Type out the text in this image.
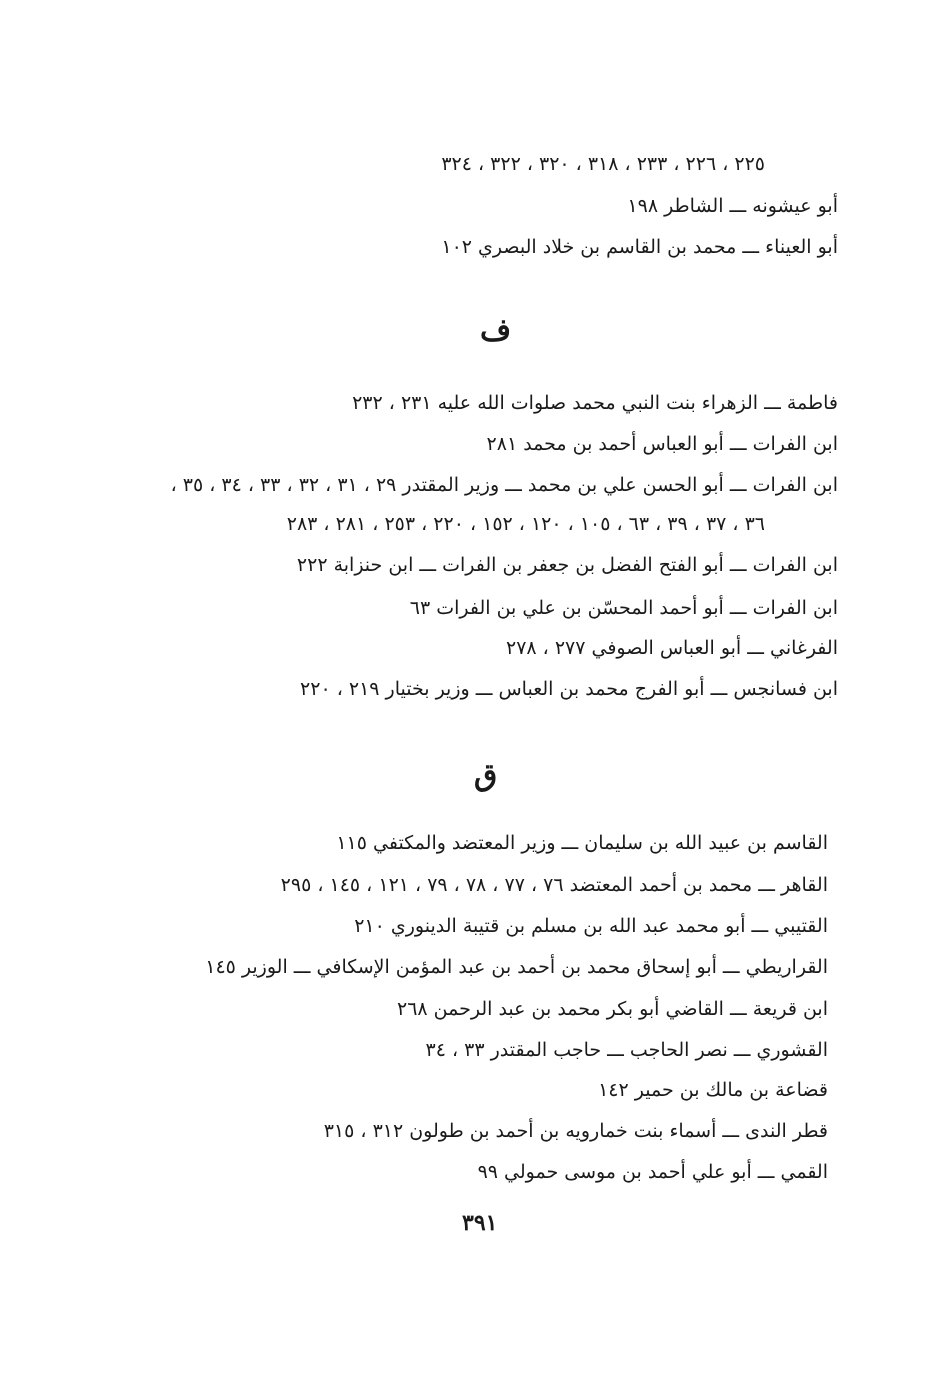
٢٢٥ ، ٢٢٦ ، ٢٣٣ ، ٣١٨ ، ٣٢٠ ، ٣٢٢ ، ٣٢٤
أبو عيشونه ـــ الشاطر ١٩٨
أبو العيناء ـــ محمد بن القاسم بن خلاد البصري ١٠٢
ف
فاطمة ـــ الزهراء بنت النبي محمد صلوات الله عليه ٢٣١ ، ٢٣٢
ابن الفرات ـــ أبو العباس أحمد بن محمد ٢٨١
ابن الفرات ـــ أبو الحسن علي بن محمد ـــ وزير المقتدر ٢٩ ، ٣١ ، ٣٢ ، ٣٣ ، ٣٤ ، ٣٥ ،
٣٦ ، ٣٧ ، ٣٩ ، ٦٣ ، ١٠٥ ، ١٢٠ ، ١٥٢ ، ٢٢٠ ، ٢٥٣ ، ٢٨١ ، ٢٨٣
ابن الفرات ـــ أبو الفتح الفضل بن جعفر بن الفرات ـــ ابن حنزابة ٢٢٢
ابن الفرات ـــ أبو أحمد المحسّن بن علي بن الفرات ٦٣
الفرغاني ـــ أبو العباس الصوفي ٢٧٧ ، ٢٧٨
ابن فسانجس ـــ أبو الفرج محمد بن العباس ـــ وزير بختيار ٢١٩ ، ٢٢٠
ق
القاسم بن عبيد الله بن سليمان ـــ وزير المعتضد والمكتفي ١١٥
القاهر ـــ محمد بن أحمد المعتضد ٧٦ ، ٧٧ ، ٧٨ ، ٧٩ ، ١٢١ ، ١٤٥ ، ٢٩٥
القتيبي ـــ أبو محمد عبد الله بن مسلم بن قتيبة الدينوري ٢١٠
القراريطي ـــ أبو إسحاق محمد بن أحمد بن عبد المؤمن الإسكافي ـــ الوزير ١٤٥
ابن قريعة ـــ القاضي أبو بكر محمد بن عبد الرحمن ٢٦٨
القشوري ـــ نصر الحاجب ـــ حاجب المقتدر ٣٣ ، ٣٤
قضاعة بن مالك بن حمير ١٤٢
قطر الندى ـــ أسماء بنت خمارويه بن أحمد بن طولون ٣١٢ ، ٣١٥
القمي ـــ أبو علي أحمد بن موسى حمولي ٩٩
٣٩١
